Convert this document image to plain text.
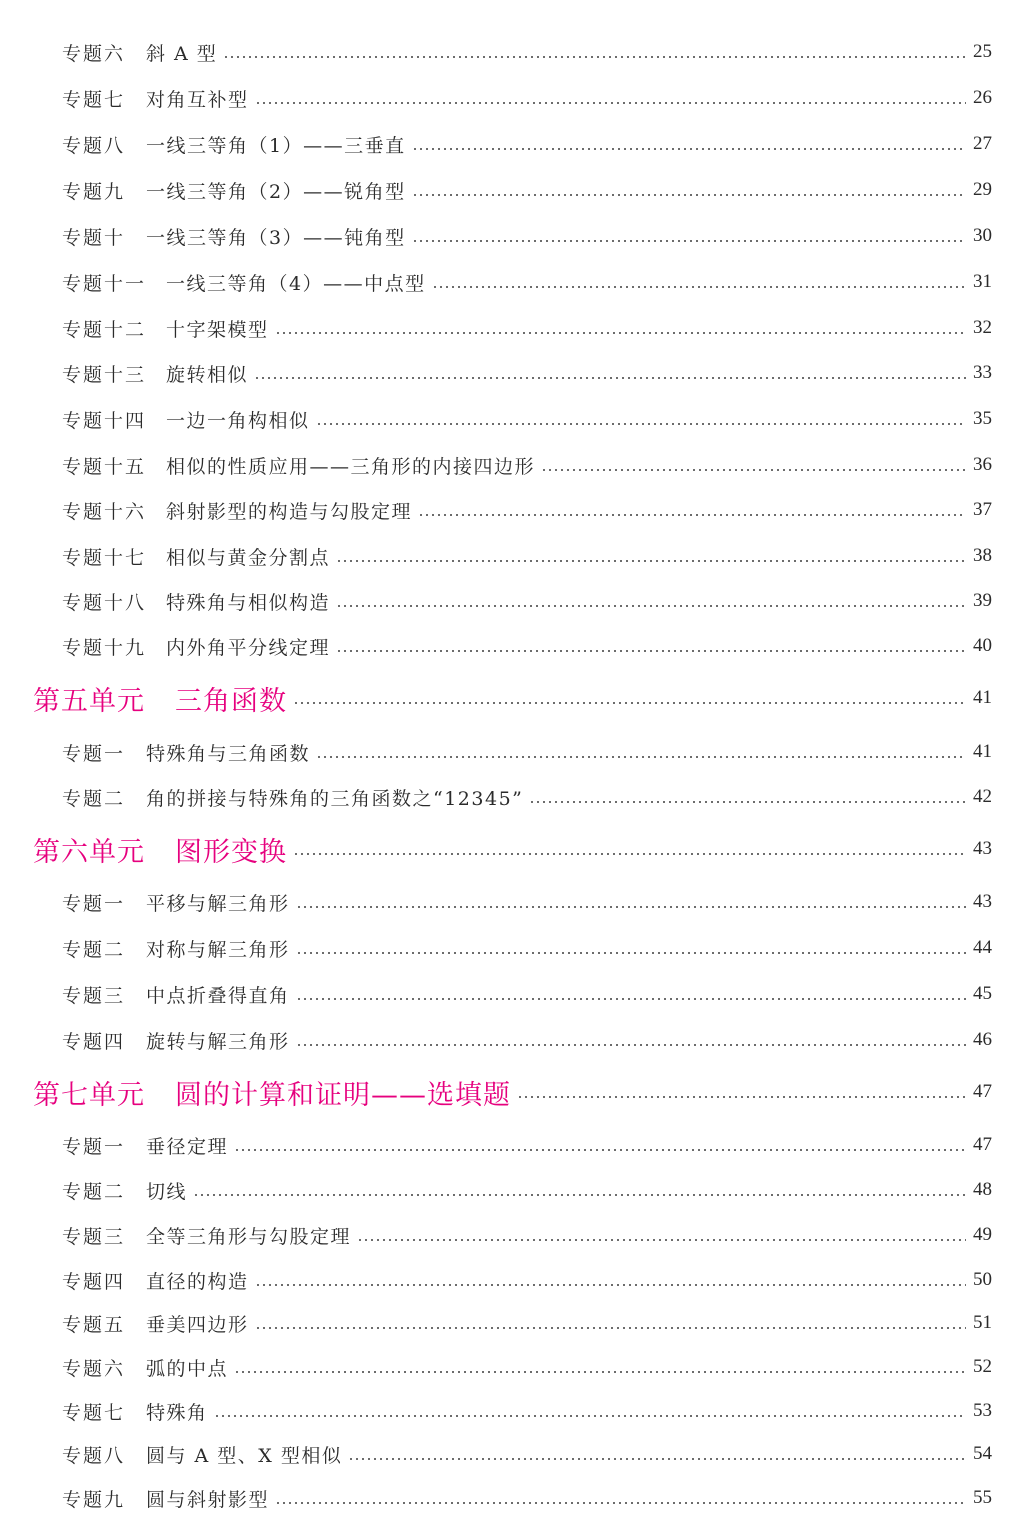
专题六	斜 A 型	25
专题七	对角互补型	26
专题八	一线三等角（1）——三垂直	27
专题九	一线三等角（2）——锐角型	29
专题十	一线三等角（3）——钝角型	30
专题十一	一线三等角（4）——中点型	31
专题十二	十字架模型	32
专题十三	旋转相似	33
专题十四	一边一角构相似	35
专题十五	相似的性质应用——三角形的内接四边形	36
专题十六	斜射影型的构造与勾股定理	37
专题十七	相似与黄金分割点	38
专题十八	特殊角与相似构造	39
专题十九	内外角平分线定理	40
第五单元	三角函数	41
专题一	特殊角与三角函数	41
专题二	角的拼接与特殊角的三角函数之“12345”	42
第六单元	图形变换	43
专题一	平移与解三角形	43
专题二	对称与解三角形	44
专题三	中点折叠得直角	45
专题四	旋转与解三角形	46
第七单元	圆的计算和证明——选填题	47
专题一	垂径定理	47
专题二	切线	48
专题三	全等三角形与勾股定理	49
专题四	直径的构造	50
专题五	垂美四边形	51
专题六	弧的中点	52
专题七	特殊角	53
专题八	圆与 A 型、X 型相似	54
专题九	圆与斜射影型	55
